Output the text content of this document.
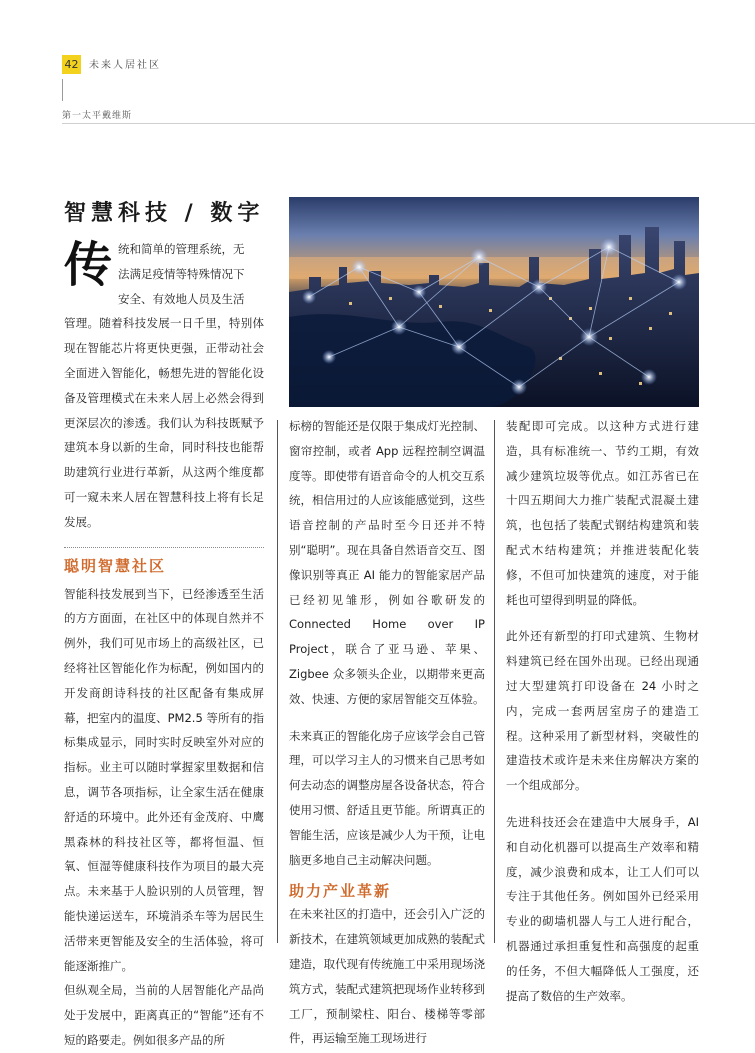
42 未来人居社区
第一太平戴维斯
智慧科技 / 数字
传 统和简单的管理系统，无
法满足疫情等特殊情况下
安全、有效地人员及生活
管理。随着科技发展一日千里，特别体现在智能芯片将更快更强，正带动社会全面进入智能化，畅想先进的智能化设备及管理模式在未来人居上必然会得到更深层次的渗透。我们认为科技既赋予建筑本身以新的生命，同时科技也能帮助建筑行业进行革新，从这两个维度都可一窥未来人居在智慧科技上将有长足发展。
聪明智慧社区
智能科技发展到当下，已经渗透至生活的方方面面，在社区中的体现自然并不例外，我们可见市场上的高级社区，已经将社区智能化作为标配，例如国内的开发商朗诗科技的社区配备有集成屏幕，把室内的温度、PM2.5 等所有的指标集成显示，同时实时反映室外对应的指标。业主可以随时掌握家里数据和信息，调节各项指标，让全家生活在健康舒适的环境中。此外还有金茂府、中鹰黑森林的科技社区等，都将恒温、恒氧、恒湿等健康科技作为项目的最大亮点。未来基于人脸识别的人员管理，智能快递运送车，环境消杀车等为居民生活带来更智能及安全的生活体验，将可能逐渐推广。
但纵观全局，当前的人居智能化产品尚处于发展中，距离真正的“智能”还有不短的路要走。例如很多产品的所
标榜的智能还是仅限于集成灯光控制、窗帘控制，或者 App 远程控制空调温度等。即使带有语音命令的人机交互系统，相信用过的人应该能感觉到，这些语音控制的产品时至今日还并不特别“聪明”。现在具备自然语音交互、图像识别等真正 AI 能力的智能家居产品已经初见雏形，例如谷歌研发的 Connected Home over IP Project，联合了亚马逊、苹果、Zigbee 众多领头企业，以期带来更高效、快速、方便的家居智能交互体验。
未来真正的智能化房子应该学会自己管理，可以学习主人的习惯来自己思考如何去动态的调整房屋各设备状态，符合使用习惯、舒适且更节能。所谓真正的智能生活，应该是减少人为干预，让电脑更多地自己主动解决问题。
助力产业革新
在未来社区的打造中，还会引入广泛的新技术，在建筑领域更加成熟的装配式建造，取代现有传统施工中采用现场浇筑方式，装配式建筑把现场作业转移到工厂，预制梁柱、阳台、楼梯等零部件，再运输至施工现场进行
装配即可完成。以这种方式进行建造，具有标准统一、节约工期，有效减少建筑垃圾等优点。如江苏省已在十四五期间大力推广装配式混凝土建筑，也包括了装配式钢结构建筑和装配式木结构建筑；并推进装配化装修，不但可加快建筑的速度，对于能耗也可望得到明显的降低。
此外还有新型的打印式建筑、生物材料建筑已经在国外出现。已经出现通过大型建筑打印设备在 24 小时之内，完成一套两居室房子的建造工程。这种采用了新型材料，突破性的建造技术或许是未来住房解决方案的一个组成部分。
先进科技还会在建造中大展身手，AI 和自动化机器可以提高生产效率和精度，减少浪费和成本，让工人们可以专注于其他任务。例如国外已经采用专业的砌墙机器人与工人进行配合，机器通过承担重复性和高强度的起重的任务，不但大幅降低人工强度，还提高了数倍的生产效率。
